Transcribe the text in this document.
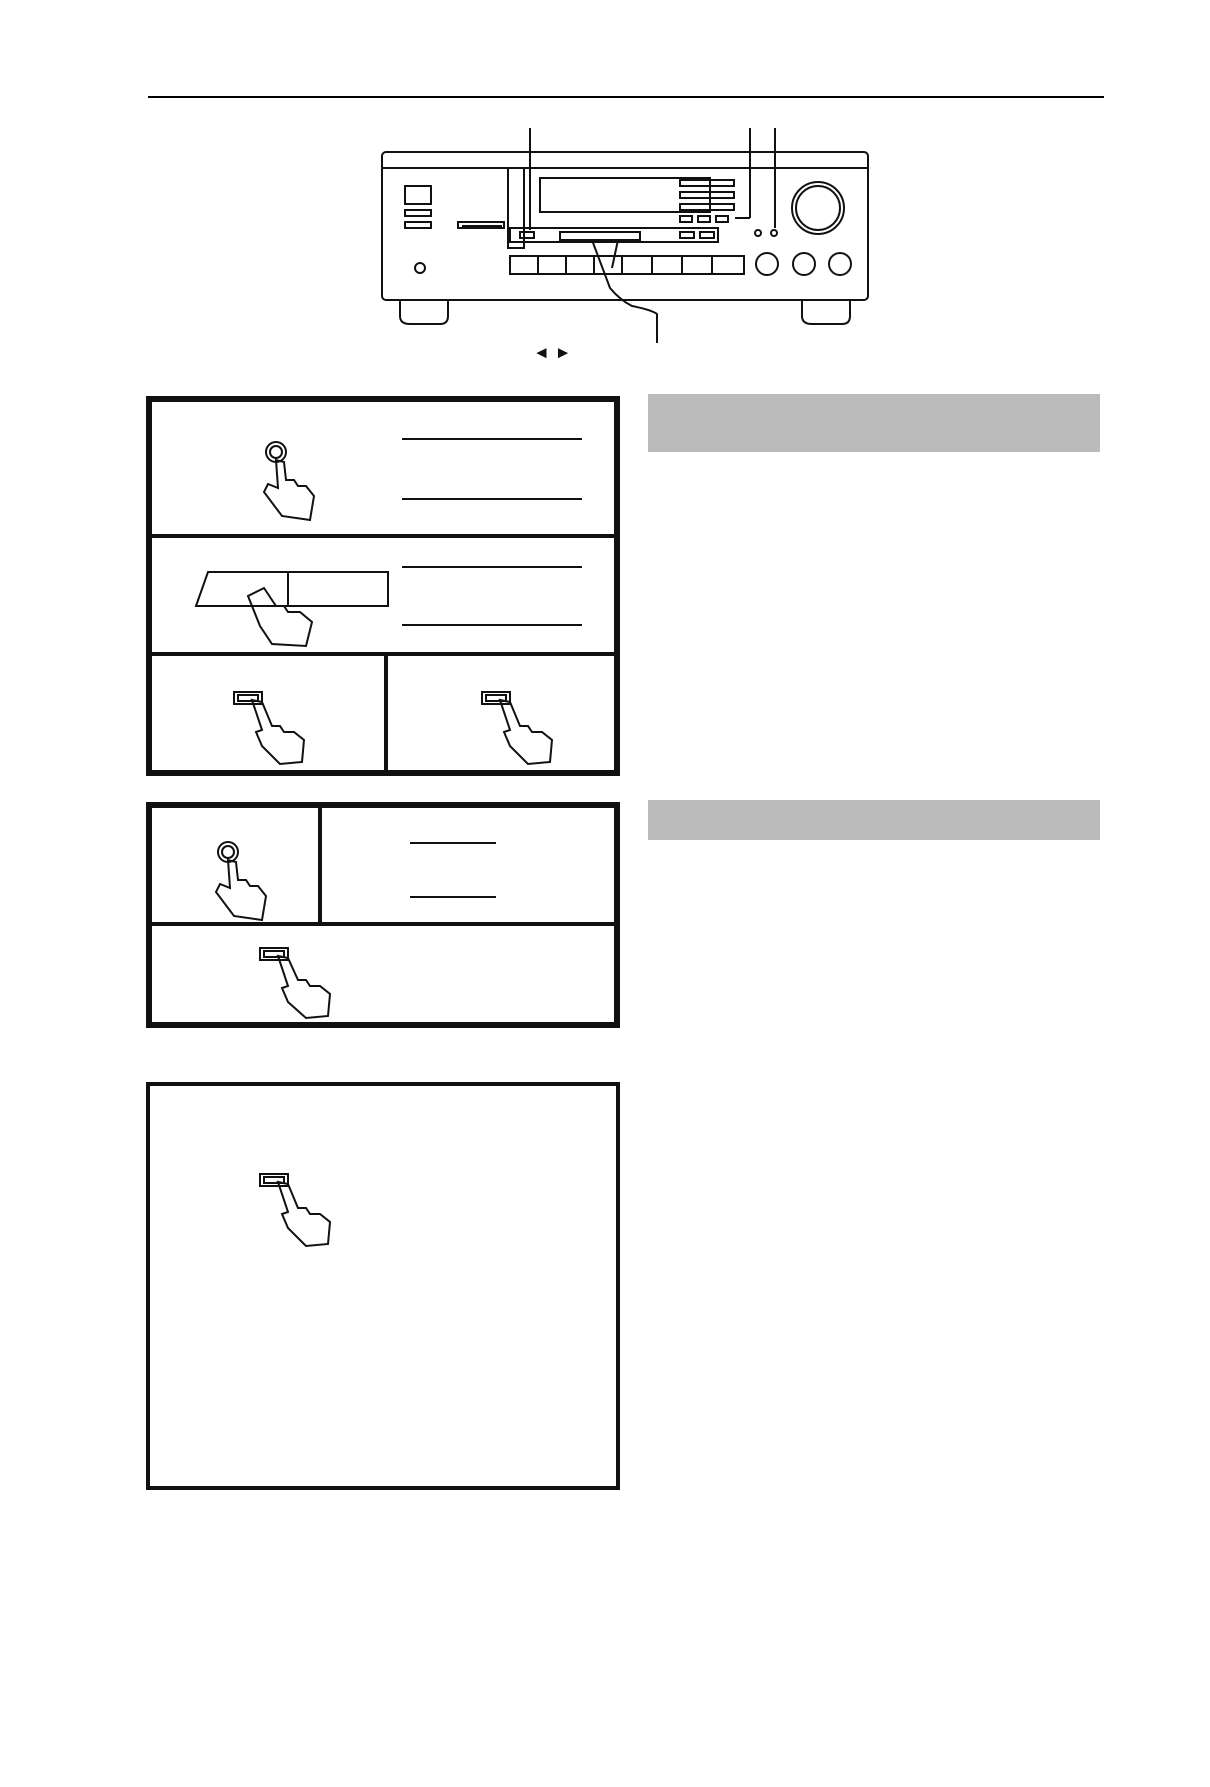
◄ ►
